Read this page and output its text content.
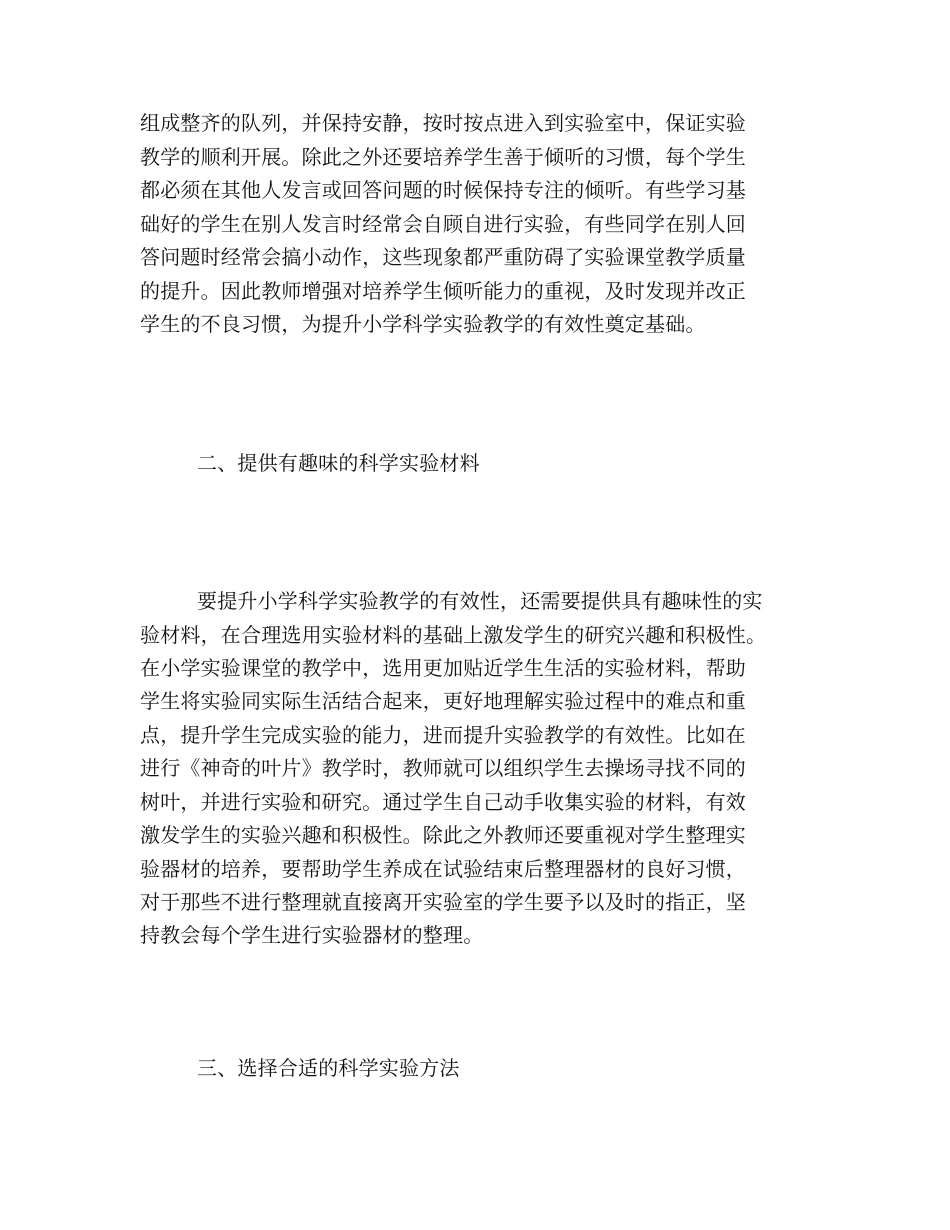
组成整齐的队列，并保持安静，按时按点进入到实验室中，保证实验
教学的顺利开展。除此之外还要培养学生善于倾听的习惯，每个学生
都必须在其他人发言或回答问题的时候保持专注的倾听。有些学习基
础好的学生在别人发言时经常会自顾自进行实验，有些同学在别人回
答问题时经常会搞小动作，这些现象都严重防碍了实验课堂教学质量
的提升。因此教师增强对培养学生倾听能力的重视，及时发现并改正
学生的不良习惯，为提升小学科学实验教学的有效性奠定基础。
二、提供有趣味的科学实验材料
要提升小学科学实验教学的有效性，还需要提供具有趣味性的实
验材料，在合理选用实验材料的基础上激发学生的研究兴趣和积极性。
在小学实验课堂的教学中，选用更加贴近学生生活的实验材料，帮助
学生将实验同实际生活结合起来，更好地理解实验过程中的难点和重
点，提升学生完成实验的能力，进而提升实验教学的有效性。比如在
进行《神奇的叶片》教学时，教师就可以组织学生去操场寻找不同的
树叶，并进行实验和研究。通过学生自己动手收集实验的材料，有效
激发学生的实验兴趣和积极性。除此之外教师还要重视对学生整理实
验器材的培养，要帮助学生养成在试验结束后整理器材的良好习惯，
对于那些不进行整理就直接离开实验室的学生要予以及时的指正，坚
持教会每个学生进行实验器材的整理。
三、选择合适的科学实验方法
